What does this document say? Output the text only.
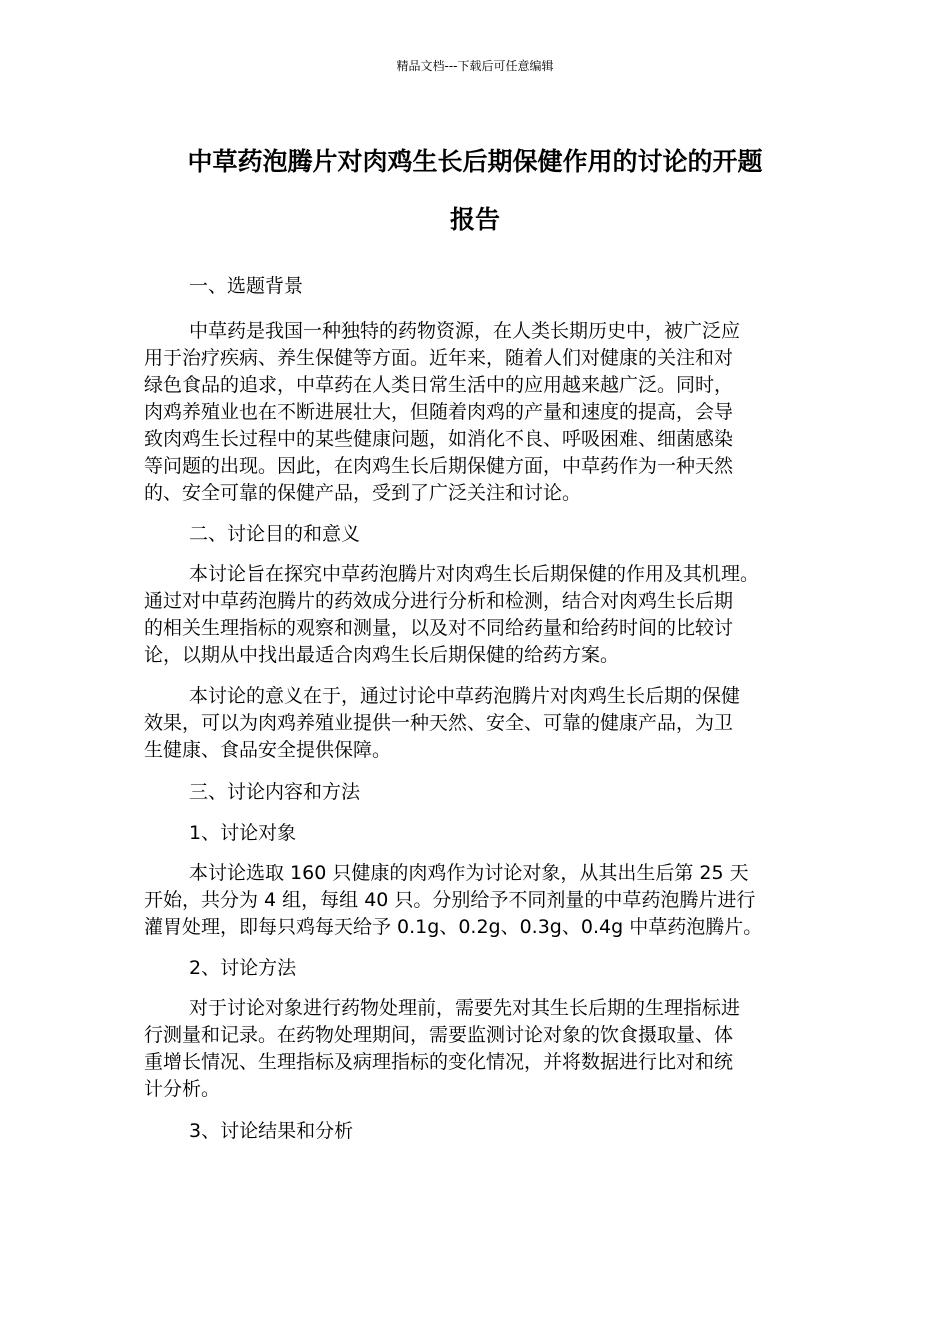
精品文档---下载后可任意编辑
中草药泡腾片对肉鸡生长后期保健作用的讨论的开题
报告

一、选题背景

中草药是我国一种独特的药物资源，在人类长期历史中，被广泛应
用于治疗疾病、养生保健等方面。近年来，随着人们对健康的关注和对
绿色食品的追求，中草药在人类日常生活中的应用越来越广泛。同时，
肉鸡养殖业也在不断进展壮大，但随着肉鸡的产量和速度的提高，会导
致肉鸡生长过程中的某些健康问题，如消化不良、呼吸困难、细菌感染
等问题的出现。因此，在肉鸡生长后期保健方面，中草药作为一种天然
的、安全可靠的保健产品，受到了广泛关注和讨论。

二、讨论目的和意义

本讨论旨在探究中草药泡腾片对肉鸡生长后期保健的作用及其机理。
通过对中草药泡腾片的药效成分进行分析和检测，结合对肉鸡生长后期
的相关生理指标的观察和测量，以及对不同给药量和给药时间的比较讨
论，以期从中找出最适合肉鸡生长后期保健的给药方案。

本讨论的意义在于，通过讨论中草药泡腾片对肉鸡生长后期的保健
效果，可以为肉鸡养殖业提供一种天然、安全、可靠的健康产品，为卫
生健康、食品安全提供保障。

三、讨论内容和方法

1、讨论对象

本讨论选取 160 只健康的肉鸡作为讨论对象，从其出生后第 25 天
开始，共分为 4 组，每组 40 只。分别给予不同剂量的中草药泡腾片进行
灌胃处理，即每只鸡每天给予 0.1g、0.2g、0.3g、0.4g 中草药泡腾片。

2、讨论方法

对于讨论对象进行药物处理前，需要先对其生长后期的生理指标进
行测量和记录。在药物处理期间，需要监测讨论对象的饮食摄取量、体
重增长情况、生理指标及病理指标的变化情况，并将数据进行比对和统
计分析。

3、讨论结果和分析
